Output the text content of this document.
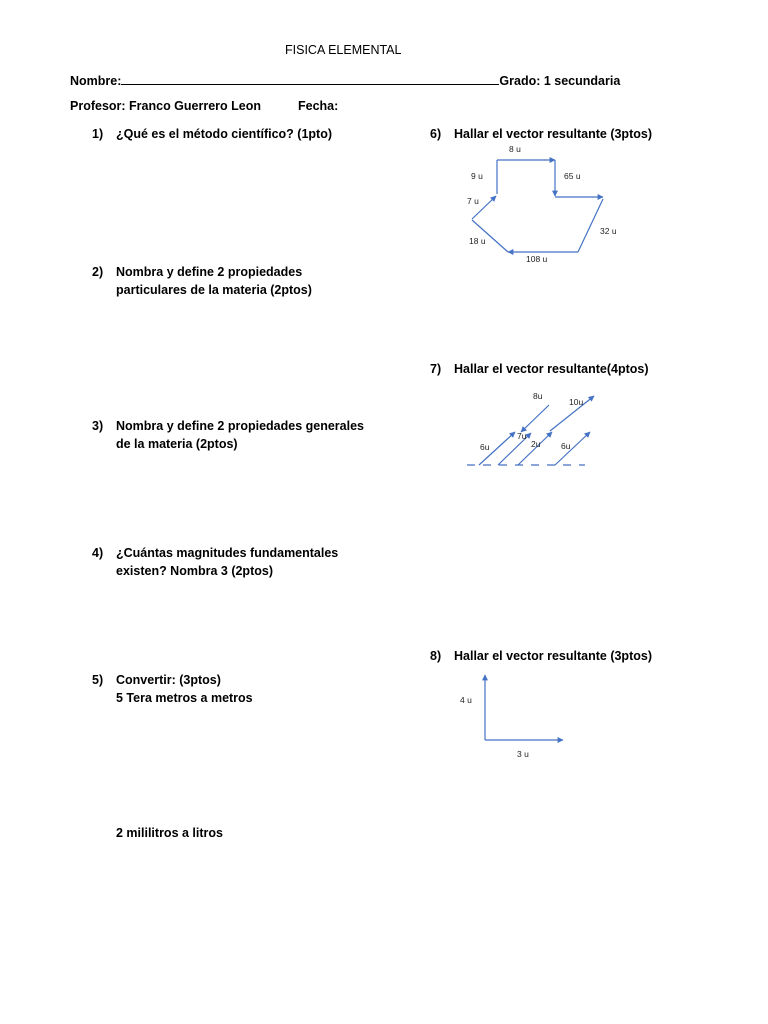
FISICA ELEMENTAL
Nombre:	Grado: 1 secundaria
Profesor: Franco Guerrero Leon	Fecha:
1) ¿Qué es el método científico? (1pto)
2) Nombra y define 2 propiedades
particulares de la materia (2ptos)
3) Nombra y define 2 propiedades generales
de la materia (2ptos)
4) ¿Cuántas magnitudes fundamentales
existen? Nombra 3 (2ptos)
5) Convertir: (3ptos)
5 Tera metros a metros
2 mililitros a litros
6) Hallar el vector resultante (3ptos)
7) Hallar el vector resultante(4ptos)
8) Hallar el vector resultante (3ptos)
8 u
9 u	65 u
7 u
32 u
18 u
108 u
8u
10u
7u
2u
6u	6u
4 u
3 u
